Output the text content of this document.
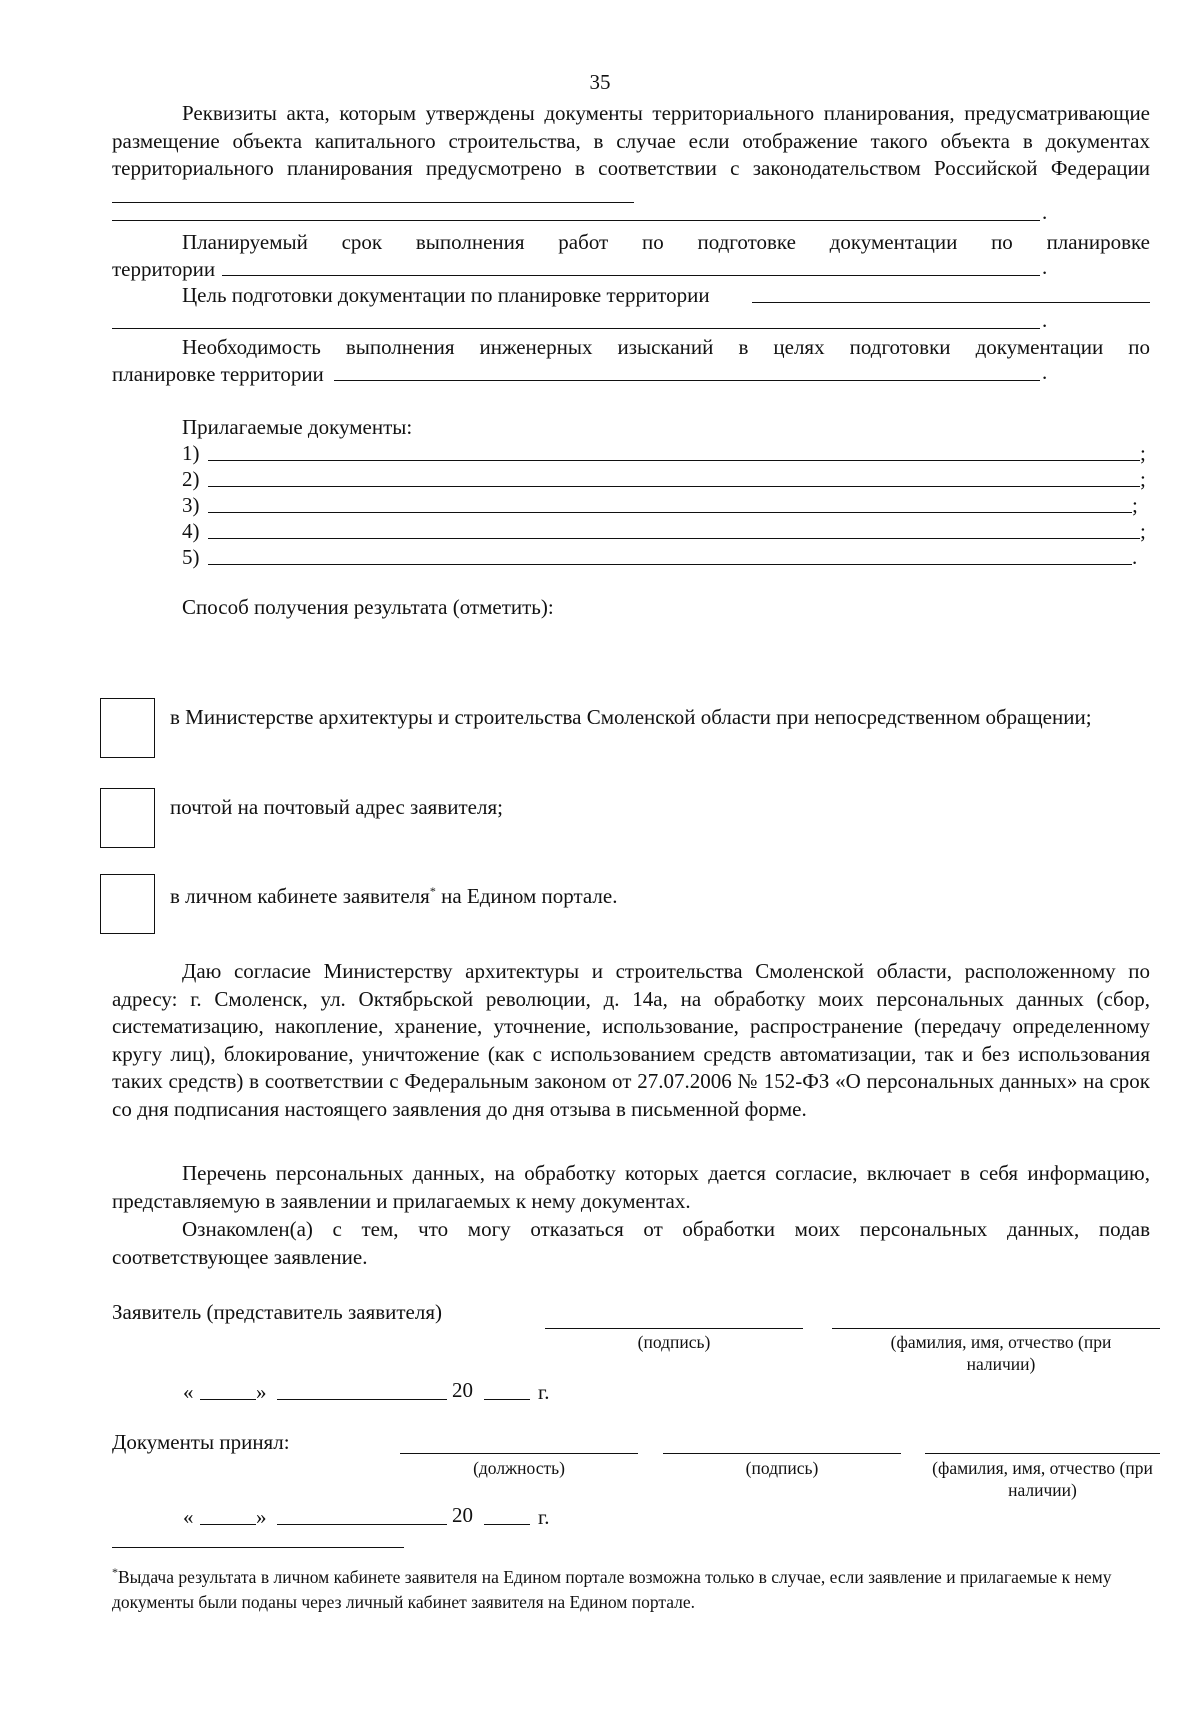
35
Реквизиты акта, которым утверждены документы территориального планирования, предусматривающие размещение объекта капитального строительства, в случае если отображение такого объекта в документах территориального планирования предусмотрено в соответствии с законодательством Российской Федерации
.
Планируемый срок выполнения работ по подготовке документации по планировке
территории	.
Цель подготовки документации по планировке территории
.
Необходимость выполнения инженерных изысканий в целях подготовки документации по
планировке территории	.
Прилагаемые документы:
1)	;
2)	;
3)	;
4)	;
5)	.
Способ получения результата (отметить):
в Министерстве архитектуры и строительства Смоленской области при непосредственном обращении;
почтой на почтовый адрес заявителя;
в личном кабинете заявителя* на Едином портале.
Даю согласие Министерству архитектуры и строительства Смоленской области, расположенному по адресу: г. Смоленск, ул. Октябрьской революции, д. 14а, на обработку моих персональных данных (сбор, систематизацию, накопление, хранение, уточнение, использование, распространение (передачу определенному кругу лиц), блокирование, уничтожение (как с использованием средств автоматизации, так и без использования таких средств) в соответствии с Федеральным законом от 27.07.2006 № 152-ФЗ «О персональных данных» на срок со дня подписания настоящего заявления до дня отзыва в письменной форме.
Перечень персональных данных, на обработку которых дается согласие, включает в себя информацию, представляемую в заявлении и прилагаемых к нему документах.
Ознакомлен(а) с тем, что могу отказаться от обработки моих персональных данных, подав соответствующее заявление.
Заявитель (представитель заявителя)
(подпись)	(фамилия, имя, отчество (при наличии)
«	»	20	г.
Документы принял:
(должность)	(подпись)	(фамилия, имя, отчество (при наличии)
«	»	20	г.
*Выдача результата в личном кабинете заявителя на Едином портале возможна только в случае, если заявление и прилагаемые к нему документы были поданы через личный кабинет заявителя на Едином портале.
